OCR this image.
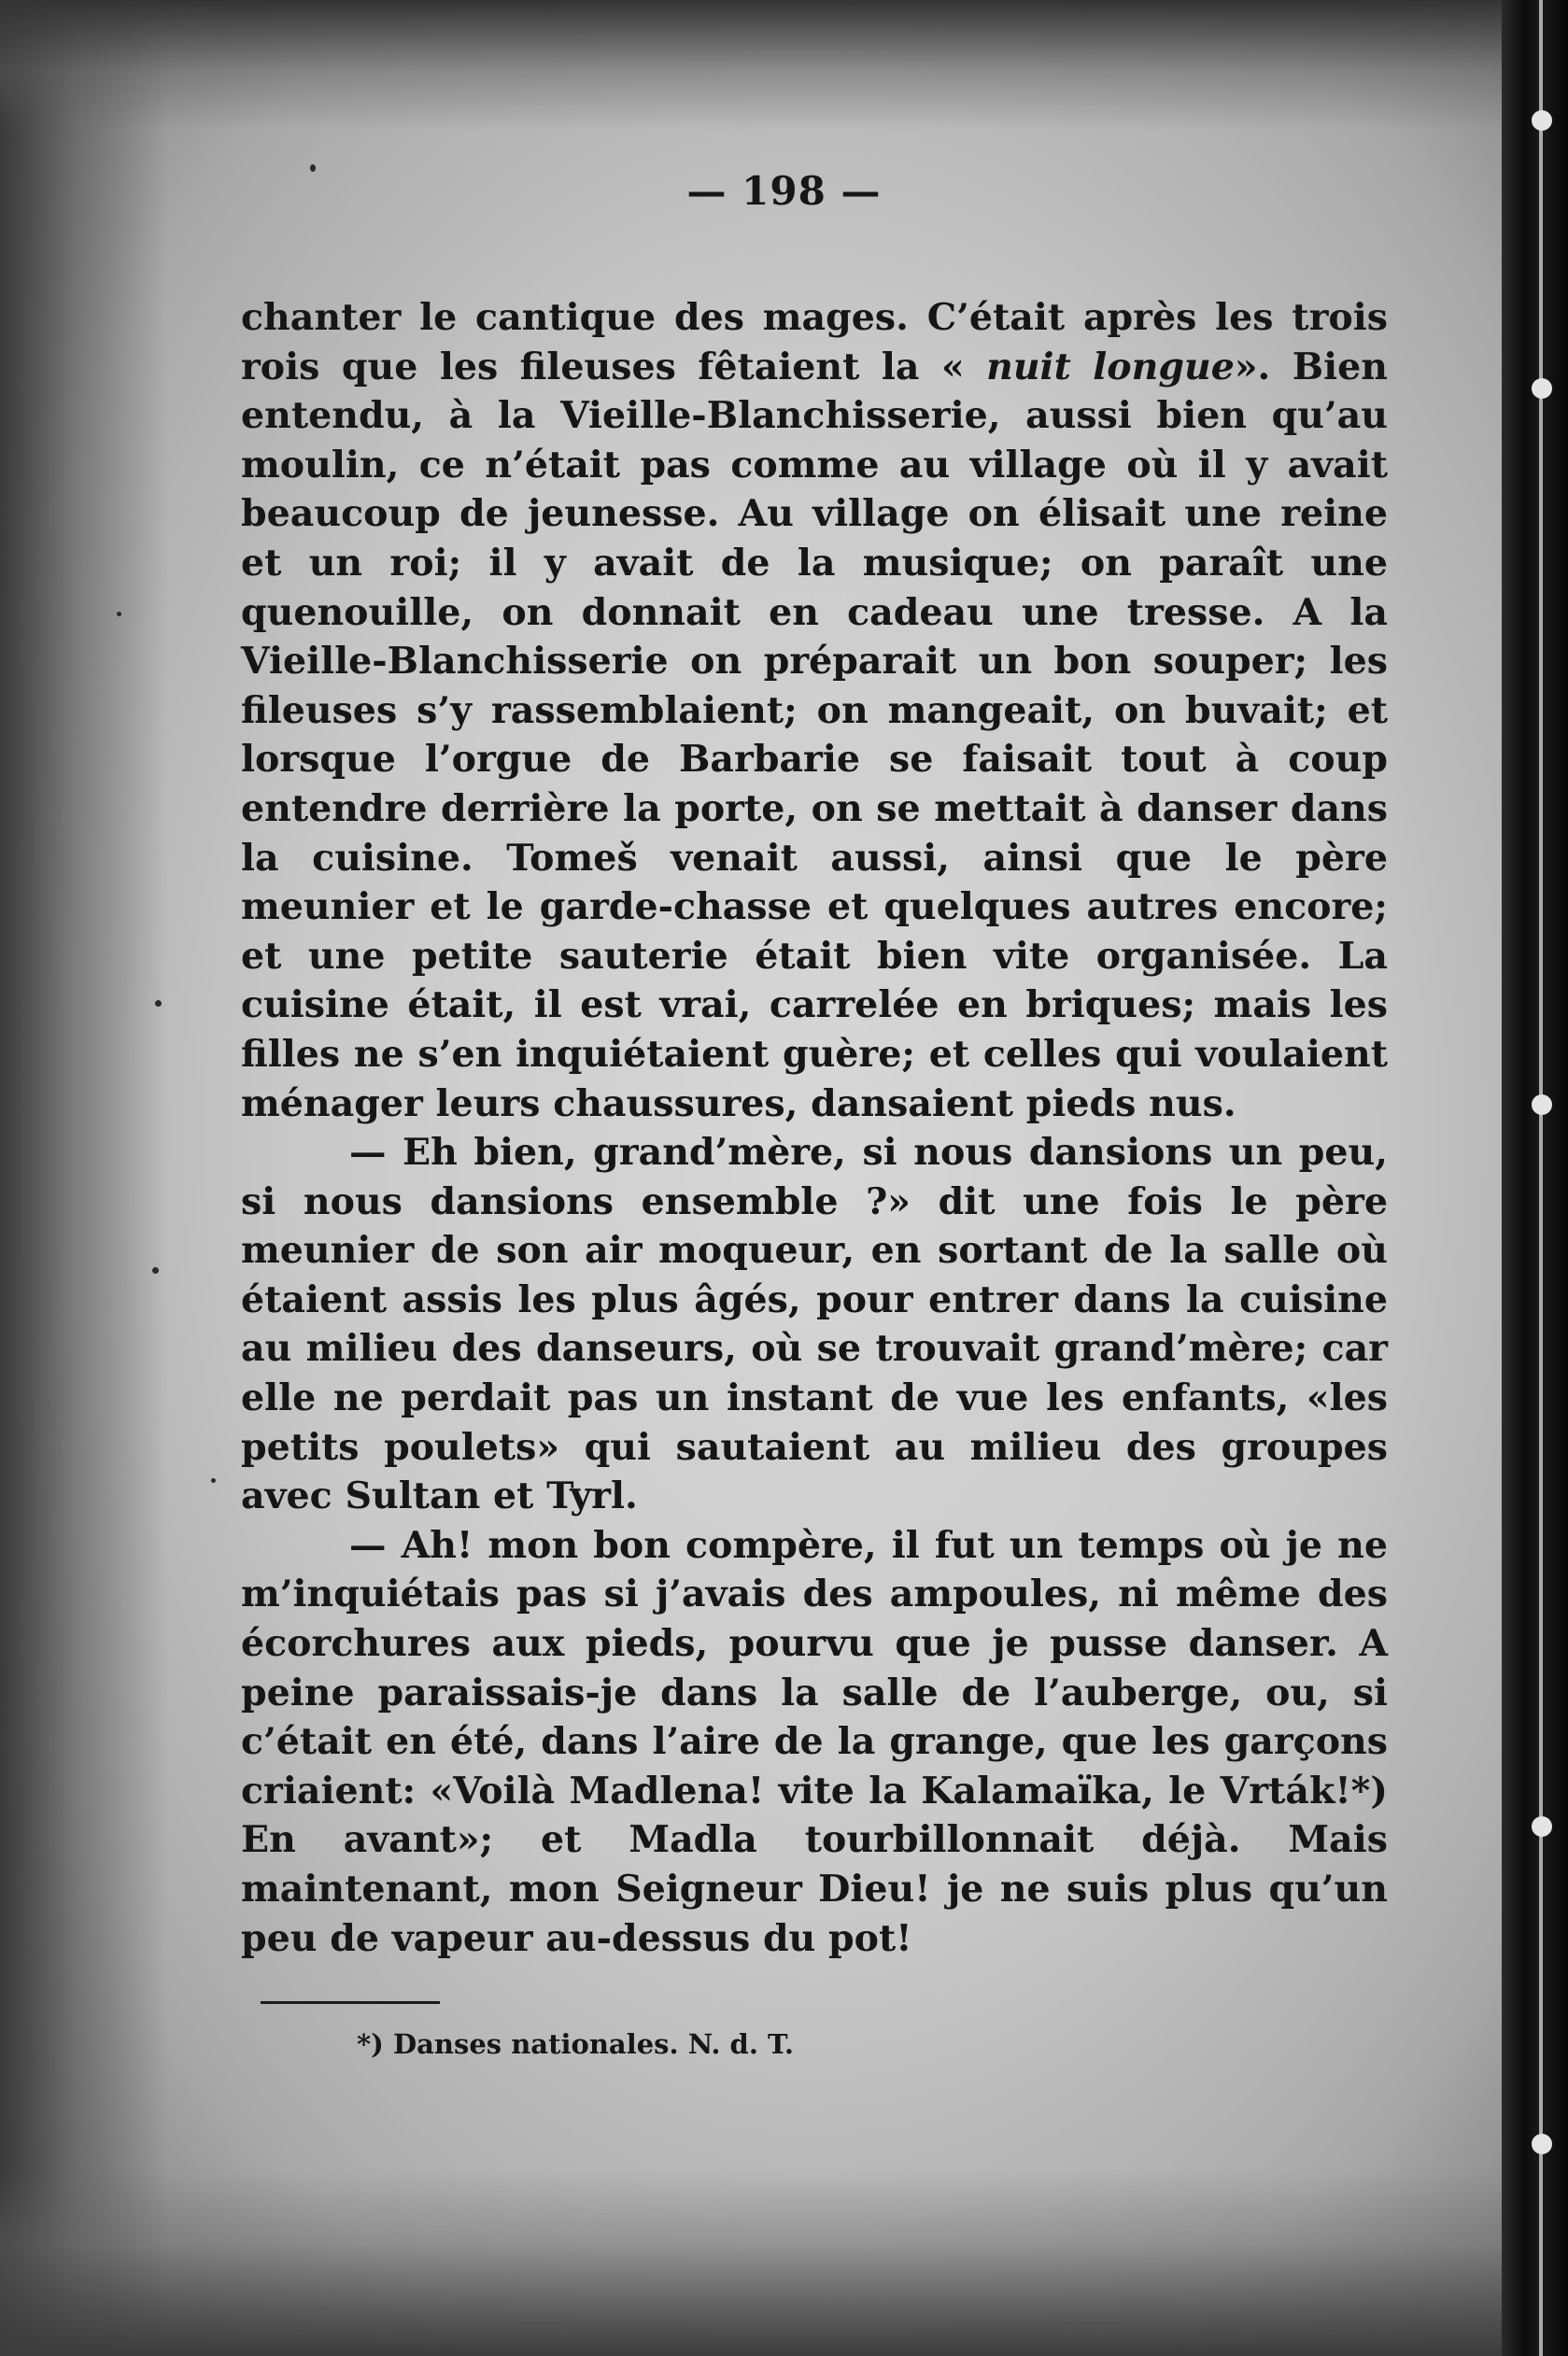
— 198 —

chanter le cantique des mages. C’était après les trois rois que les fileuses fêtaient la « nuit longue». Bien entendu, à la Vieille-Blanchisserie, aussi bien qu’au moulin, ce n’était pas comme au village où il y avait beaucoup de jeunesse. Au village on élisait une reine et un roi; il y avait de la musique; on paraît une quenouille, on donnait en cadeau une tresse. A la Vieille-Blanchisserie on préparait un bon souper; les fileuses s’y rassemblaient; on mangeait, on buvait; et lorsque l’orgue de Barbarie se faisait tout à coup entendre derrière la porte, on se mettait à danser dans la cuisine. Tomeš venait aussi, ainsi que le père meunier et le garde-chasse et quelques autres encore; et une petite sauterie était bien vite organisée. La cuisine était, il est vrai, carrelée en briques; mais les filles ne s’en inquiétaient guère; et celles qui voulaient ménager leurs chaussures, dansaient pieds nus.

— Eh bien, grand’mère, si nous dansions un peu, si nous dansions ensemble ?» dit une fois le père meunier de son air moqueur, en sortant de la salle où étaient assis les plus âgés, pour entrer dans la cuisine au milieu des danseurs, où se trouvait grand’mère; car elle ne perdait pas un instant de vue les enfants, «les petits poulets» qui sautaient au milieu des groupes avec Sultan et Tyrl.

— Ah! mon bon compère, il fut un temps où je ne m’inquiétais pas si j’avais des ampoules, ni même des écorchures aux pieds, pourvu que je pusse danser. A peine paraissais-je dans la salle de l’auberge, ou, si c’était en été, dans l’aire de la grange, que les garçons criaient: «Voilà Madlena! vite la Kalamaïka, le Vrták!*) En avant»; et Madla tourbillonnait déjà. Mais maintenant, mon Seigneur Dieu! je ne suis plus qu’un peu de vapeur au-dessus du pot!

*) Danses nationales. N. d. T.
